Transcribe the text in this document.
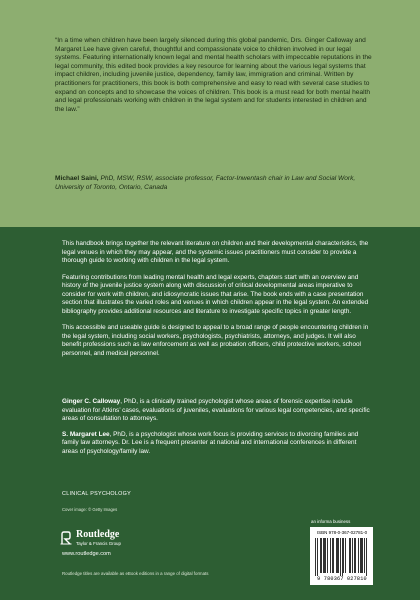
“In a time when children have been largely silenced during this global pandemic, Drs. Ginger Calloway and Margaret Lee have given careful, thoughtful and compassionate voice to children involved in our legal systems. Featuring internationally known legal and mental health scholars with impeccable reputations in the legal community, this edited book provides a key resource for learning about the various legal systems that impact children, including juvenile justice, dependency, family law, immigration and criminal. Written by practitioners for practitioners, this book is both comprehensive and easy to read with several case studies to expand on concepts and to showcase the voices of children. This book is a must read for both mental health and legal professionals working with children in the legal system and for students interested in children and the law.”
Michael Saini, PhD, MSW, RSW, associate professor, Factor-Inwentash chair in Law and Social Work, University of Toronto, Ontario, Canada

This handbook brings together the relevant literature on children and their developmental characteristics, the legal venues in which they may appear, and the systemic issues practitioners must consider to provide a thorough guide to working with children in the legal system.

Featuring contributions from leading mental health and legal experts, chapters start with an overview and history of the juvenile justice system along with discussion of critical developmental areas imperative to consider for work with children, and idiosyncratic issues that arise. The book ends with a case presentation section that illustrates the varied roles and venues in which children appear in the legal system. An extended bibliography provides additional resources and literature to investigate specific topics in greater length.

This accessible and useable guide is designed to appeal to a broad range of people encountering children in the legal system, including social workers, psychologists, psychiatrists, attorneys, and judges. It will also benefit professions such as law enforcement as well as probation officers, child protective workers, school personnel, and medical personnel.

Ginger C. Calloway, PhD, is a clinically trained psychologist whose areas of forensic expertise include evaluation for Atkins’ cases, evaluations of juveniles, evaluations for various legal competencies, and specific areas of consultation to attorneys.

S. Margaret Lee, PhD, is a psychologist whose work focus is providing services to divorcing families and family law attorneys. Dr. Lee is a frequent presenter at national and international conferences in different areas of psychology/family law.

CLINICAL PSYCHOLOGY
Cover image: © Getty Images
Routledge
Taylor & Francis Group
www.routledge.com
Routledge titles are available as eBook editions in a range of digital formats
an informa business
ISBN 978-0-367-02781-0
9 780367 027810
